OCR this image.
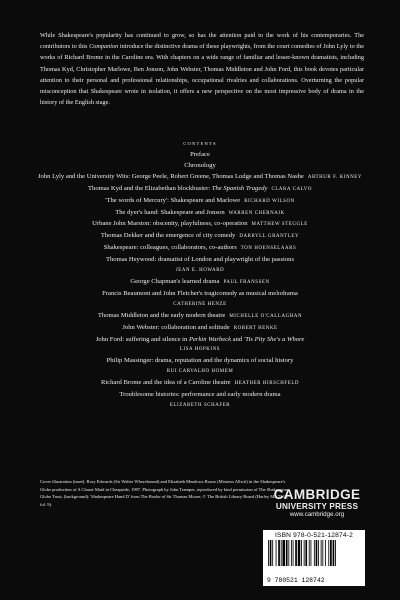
While Shakespeare's popularity has continued to grow, so has the attention paid to the work of his contemporaries. The contributors to this Companion introduce the distinctive drama of these playwrights, from the court comedies of John Lyly to the works of Richard Brome in the Caroline era. With chapters on a wide range of familiar and lesser-known dramatists, including Thomas Kyd, Christopher Marlowe, Ben Jonson, John Webster, Thomas Middleton and John Ford, this book devotes particular attention to their personal and professional relationships, occupational rivalries and collaborations. Overturning the popular misconception that Shakespeare wrote in isolation, it offers a new perspective on the most impressive body of drama in the history of the English stage.
CONTENTS
Preface
Chronology
John Lyly and the University Wits: George Peele, Robert Greene, Thomas Lodge and Thomas Nashe ARTHUR F. KINNEY
Thomas Kyd and the Elizabethan blockbuster: The Spanish Tragedy CLARA CALVO
'The words of Mercury': Shakespeare and Marlowe RICHARD WILSON
The dyer's hand: Shakespeare and Jonson WARREN CHERNAIK
Urbane John Marston: obscenity, playfulness, co-operation MATTHEW STEGGLE
Thomas Dekker and the emergence of city comedy DARRYLL GRANTLEY
Shakespeare: colleagues, collaborators, co-authors TON HOENSELAARS
Thomas Heywood: dramatist of London and playwright of the passions
JEAN E. HOWARD
George Chapman's learned drama PAUL FRANSSEN
Francis Beaumont and John Fletcher's tragicomedy as musical melodrama
CATHERINE HENZE
Thomas Middleton and the early modern theatre MICHELLE O'CALLAGHAN
John Webster: collaboration and solitude ROBERT HENKE
John Ford: suffering and silence in Perkin Warbeck and 'Tis Pity She's a Whore
LISA HOPKINS
Philip Massinger: drama, reputation and the dynamics of social history
RUI CARVALHO HOMEM
Richard Brome and the idea of a Caroline theatre HEATHER HIRSCHFELD
Troublesome histories: performance and early modern drama
ELIZABETH SCHAFER
Cover illustration (inset): Rory Edwards (Sir Walter Whorehound) and Elizabeth Meadows Rouse (Mistress Allwit) in the Shakespeare's Globe production of A Chaste Maid in Cheapside, 1997. Photograph by John Tramper, reproduced by kind permission of The Shakespeare Globe Trust; (background): 'Shakespeare Hand D' from The Booke of Sir Thomas Moore, © The British Library Board (Harley MS 7368, fol. 9).
CAMBRIDGE
UNIVERSITY PRESS
www.cambridge.org
ISBN 978-0-521-12874-2
9 780521 128742
